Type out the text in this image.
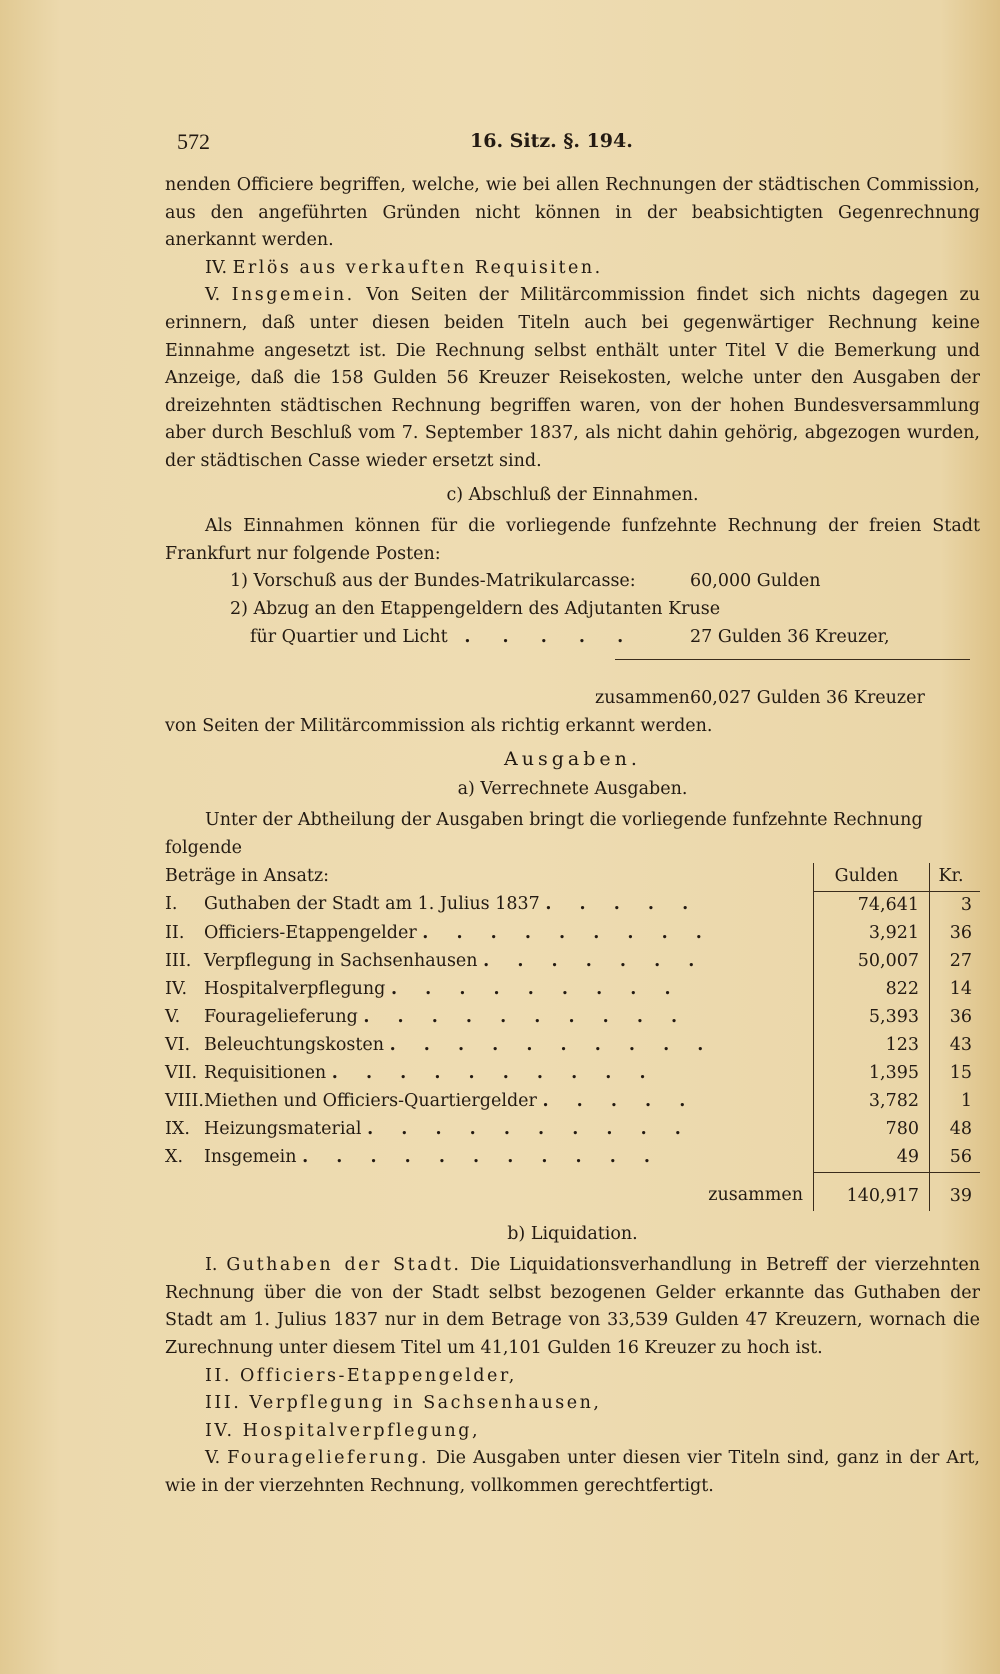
572	16. Sitz. §. 194.

nenden Officiere begriffen, welche, wie bei allen Rechnungen der städtischen Commission, aus den angeführten Gründen nicht können in der beabsichtigten Gegenrechnung anerkannt werden.

IV. Erlös aus verkauften Requisiten.

V. Insgemein. Von Seiten der Militärcommission findet sich nichts dagegen zu erinnern, daß unter diesen beiden Titeln auch bei gegenwärtiger Rechnung keine Einnahme angesetzt ist. Die Rechnung selbst enthält unter Titel V die Bemerkung und Anzeige, daß die 158 Gulden 56 Kreuzer Reisekosten, welche unter den Ausgaben der dreizehnten städtischen Rechnung begriffen waren, von der hohen Bundesversammlung aber durch Beschluß vom 7. September 1837, als nicht dahin gehörig, abgezogen wurden, der städtischen Casse wieder ersetzt sind.

c) Abschluß der Einnahmen.

Als Einnahmen können für die vorliegende funfzehnte Rechnung der freien Stadt Frankfurt nur folgende Posten:

1) Vorschuß aus der Bundes-Matrikularcasse:	60,000 Gulden
2) Abzug an den Etappengeldern des Adjutanten Kruse
für Quartier und Licht . . . . .	27 Gulden 36 Kreuzer,
zusammen 60,027 Gulden 36 Kreuzer

von Seiten der Militärcommission als richtig erkannt werden.

Ausgaben.
a) Verrechnete Ausgaben.

Unter der Abtheilung der Ausgaben bringt die vorliegende funfzehnte Rechnung folgende

Beträge in Ansatz:		Gulden	Kr.
I.	Guthaben der Stadt am 1. Julius 1837 . . . . .	74,641	3
II.	Officiers-Etappengelder . . . . . . . . .	3,921	36
III.	Verpflegung in Sachsenhausen . . . . . . .	50,007	27
IV.	Hospitalverpflegung . . . . . . . . .	822	14
V.	Fouragelieferung . . . . . . . . . .	5,393	36
VI.	Beleuchtungskosten . . . . . . . . . .	123	43
VII.	Requisitionen . . . . . . . . . .	1,395	15
VIII.	Miethen und Officiers-Quartiergelder . . . . .	3,782	1
IX.	Heizungsmaterial . . . . . . . . . .	780	48
X.	Insgemein . . . . . . . . . . .	49	56
	zusammen	140,917	39
b) Liquidation.

I. Guthaben der Stadt. Die Liquidationsverhandlung in Betreff der vierzehnten Rechnung über die von der Stadt selbst bezogenen Gelder erkannte das Guthaben der Stadt am 1. Julius 1837 nur in dem Betrage von 33,539 Gulden 47 Kreuzern, wornach die Zurechnung unter diesem Titel um 41,101 Gulden 16 Kreuzer zu hoch ist.

II. Officiers-Etappengelder,

III. Verpflegung in Sachsenhausen,

IV. Hospitalverpflegung,

V. Fouragelieferung. Die Ausgaben unter diesen vier Titeln sind, ganz in der Art, wie in der vierzehnten Rechnung, vollkommen gerechtfertigt.
